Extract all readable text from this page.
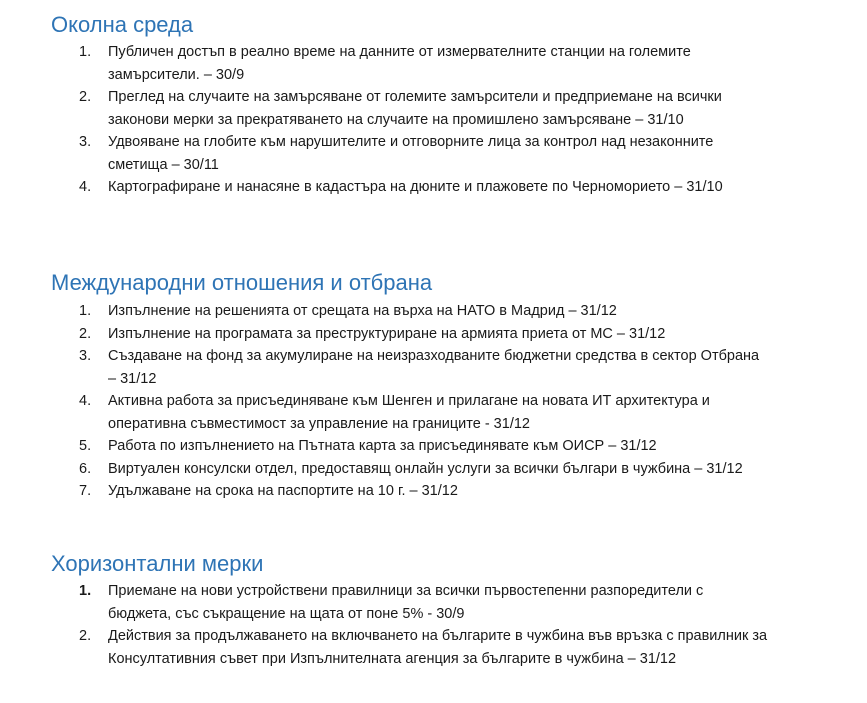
Околна среда
1.	Публичен достъп в реално време на данните от измервателните станции на големите замърсители. – 30/9
2.	Преглед на случаите на замърсяване от големите замърсители и предприемане на всички законови мерки за прекратяването на случаите на промишлено замърсяване – 31/10
3.	Удвояване на глобите към нарушителите и отговорните лица за контрол над незаконните сметища – 30/11
4.	Картографиране и нанасяне в кадастъра на дюните и плажовете по Черноморието – 31/10
Международни отношения и отбрана
1.	Изпълнение на решенията от срещата на върха на НАТО в Мадрид – 31/12
2.	Изпълнение на програмата за преструктуриране на армията приета от МС – 31/12
3.	Създаване на фонд за акумулиране на неизразходваните бюджетни средства в сектор Отбрана – 31/12
4.	Активна работа за присъединяване към Шенген и прилагане на новата ИТ архитектура и оперативна съвместимост за управление на границите - 31/12
5.	Работа по изпълнението на Пътната карта за присъединявате към ОИСР – 31/12
6.	Виртуален консулски отдел, предоставящ онлайн услуги за всички българи в чужбина – 31/12
7.	Удължаване на срока на паспортите на 10 г. – 31/12
Хоризонтални мерки
1.	Приемане на нови устройствени правилници за всички първостепенни разпоредители с бюджета, със съкращение на щата от поне 5% - 30/9
2.	Действия за продължаването на включването на българите в чужбина във връзка с правилник за Консултативния съвет при Изпълнителната агенция за българите в чужбина – 31/12
